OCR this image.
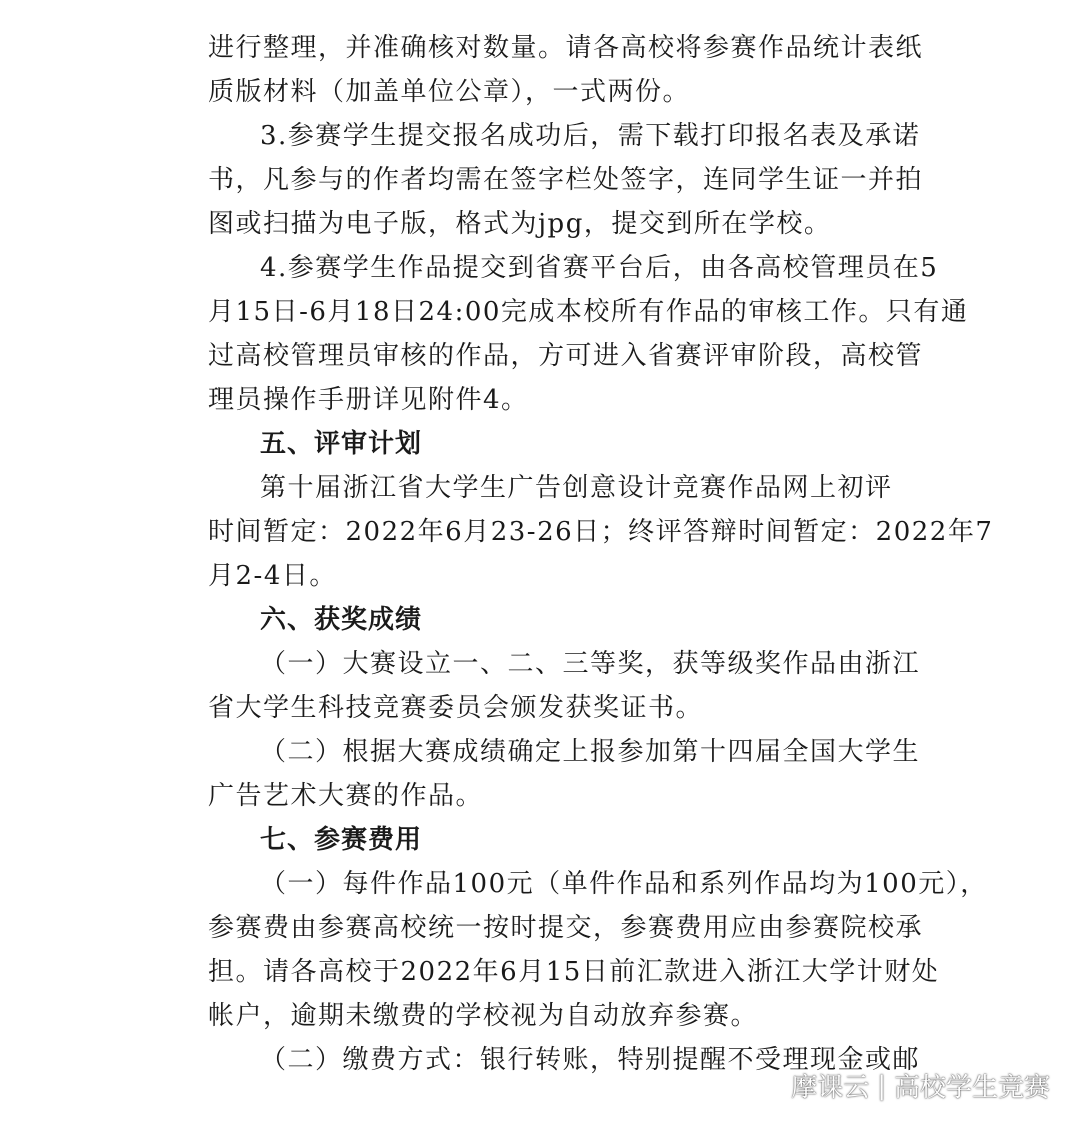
进行整理，并准确核对数量。请各高校将参赛作品统计表纸
质版材料（加盖单位公章），一式两份。
3.参赛学生提交报名成功后，需下载打印报名表及承诺
书，凡参与的作者均需在签字栏处签字，连同学生证一并拍
图或扫描为电子版，格式为jpg，提交到所在学校。
4.参赛学生作品提交到省赛平台后，由各高校管理员在5
月15日-6月18日24:00完成本校所有作品的审核工作。只有通
过高校管理员审核的作品，方可进入省赛评审阶段，高校管
理员操作手册详见附件4。
五、评审计划
第十届浙江省大学生广告创意设计竞赛作品网上初评
时间暂定：2022年6月23-26日；终评答辩时间暂定：2022年7
月2-4日。
六、获奖成绩
（一）大赛设立一、二、三等奖，获等级奖作品由浙江
省大学生科技竞赛委员会颁发获奖证书。
（二）根据大赛成绩确定上报参加第十四届全国大学生
广告艺术大赛的作品。
七、参赛费用
（一）每件作品100元（单件作品和系列作品均为100元），
参赛费由参赛高校统一按时提交，参赛费用应由参赛院校承
担。请各高校于2022年6月15日前汇款进入浙江大学计财处
帐户，逾期未缴费的学校视为自动放弃参赛。
（二）缴费方式：银行转账，特别提醒不受理现金或邮
摩课云 | 高校学生竞赛
